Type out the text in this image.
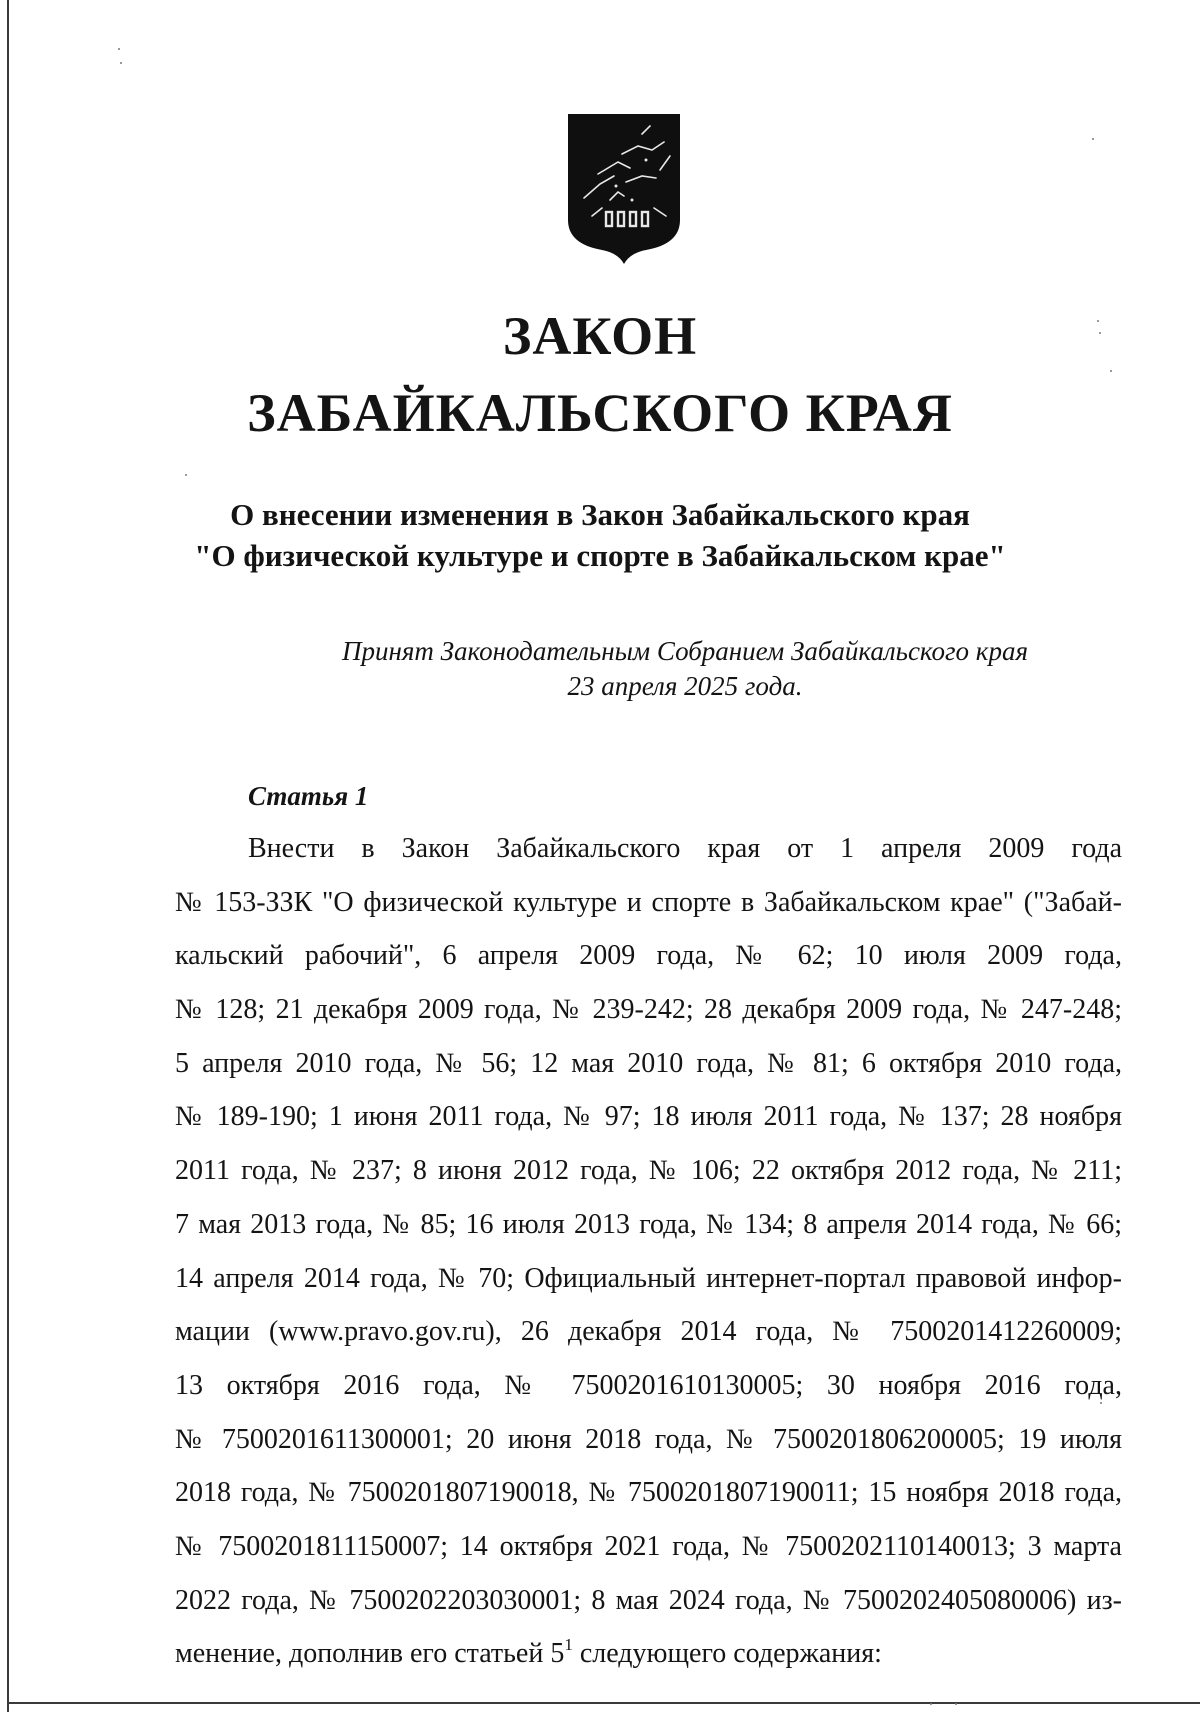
ЗАКОН
ЗАБАЙКАЛЬСКОГО КРАЯ
О внесении изменения в Закон Забайкальского края
"О физической культуре и спорте в Забайкальском крае"
Принят Законодательным Собранием Забайкальского края
23 апреля 2025 года.
Статья 1
Внести в Закон Забайкальского края от 1 апреля 2009 года
№ 153-ЗЗК "О физической культуре и спорте в Забайкальском крае" ("Забай-
кальский рабочий", 6 апреля 2009 года, № 62; 10 июля 2009 года,
№ 128; 21 декабря 2009 года, № 239-242; 28 декабря 2009 года, № 247-248;
5 апреля 2010 года, № 56; 12 мая 2010 года, № 81; 6 октября 2010 года,
№ 189-190; 1 июня 2011 года, № 97; 18 июля 2011 года, № 137; 28 ноября
2011 года, № 237; 8 июня 2012 года, № 106; 22 октября 2012 года, № 211;
7 мая 2013 года, № 85; 16 июля 2013 года, № 134; 8 апреля 2014 года, № 66;
14 апреля 2014 года, № 70; Официальный интернет-портал правовой инфор-
мации (www.pravo.gov.ru), 26 декабря 2014 года, № 7500201412260009;
13 октября 2016 года, № 7500201610130005; 30 ноября 2016 года,
№ 7500201611300001; 20 июня 2018 года, № 7500201806200005; 19 июля
2018 года, № 7500201807190018, № 7500201807190011; 15 ноября 2018 года,
№ 7500201811150007; 14 октября 2021 года, № 7500202110140013; 3 марта
2022 года, № 7500202203030001; 8 мая 2024 года, № 7500202405080006) из-
менение, дополнив его статьей $5^1$ следующего содержания:
